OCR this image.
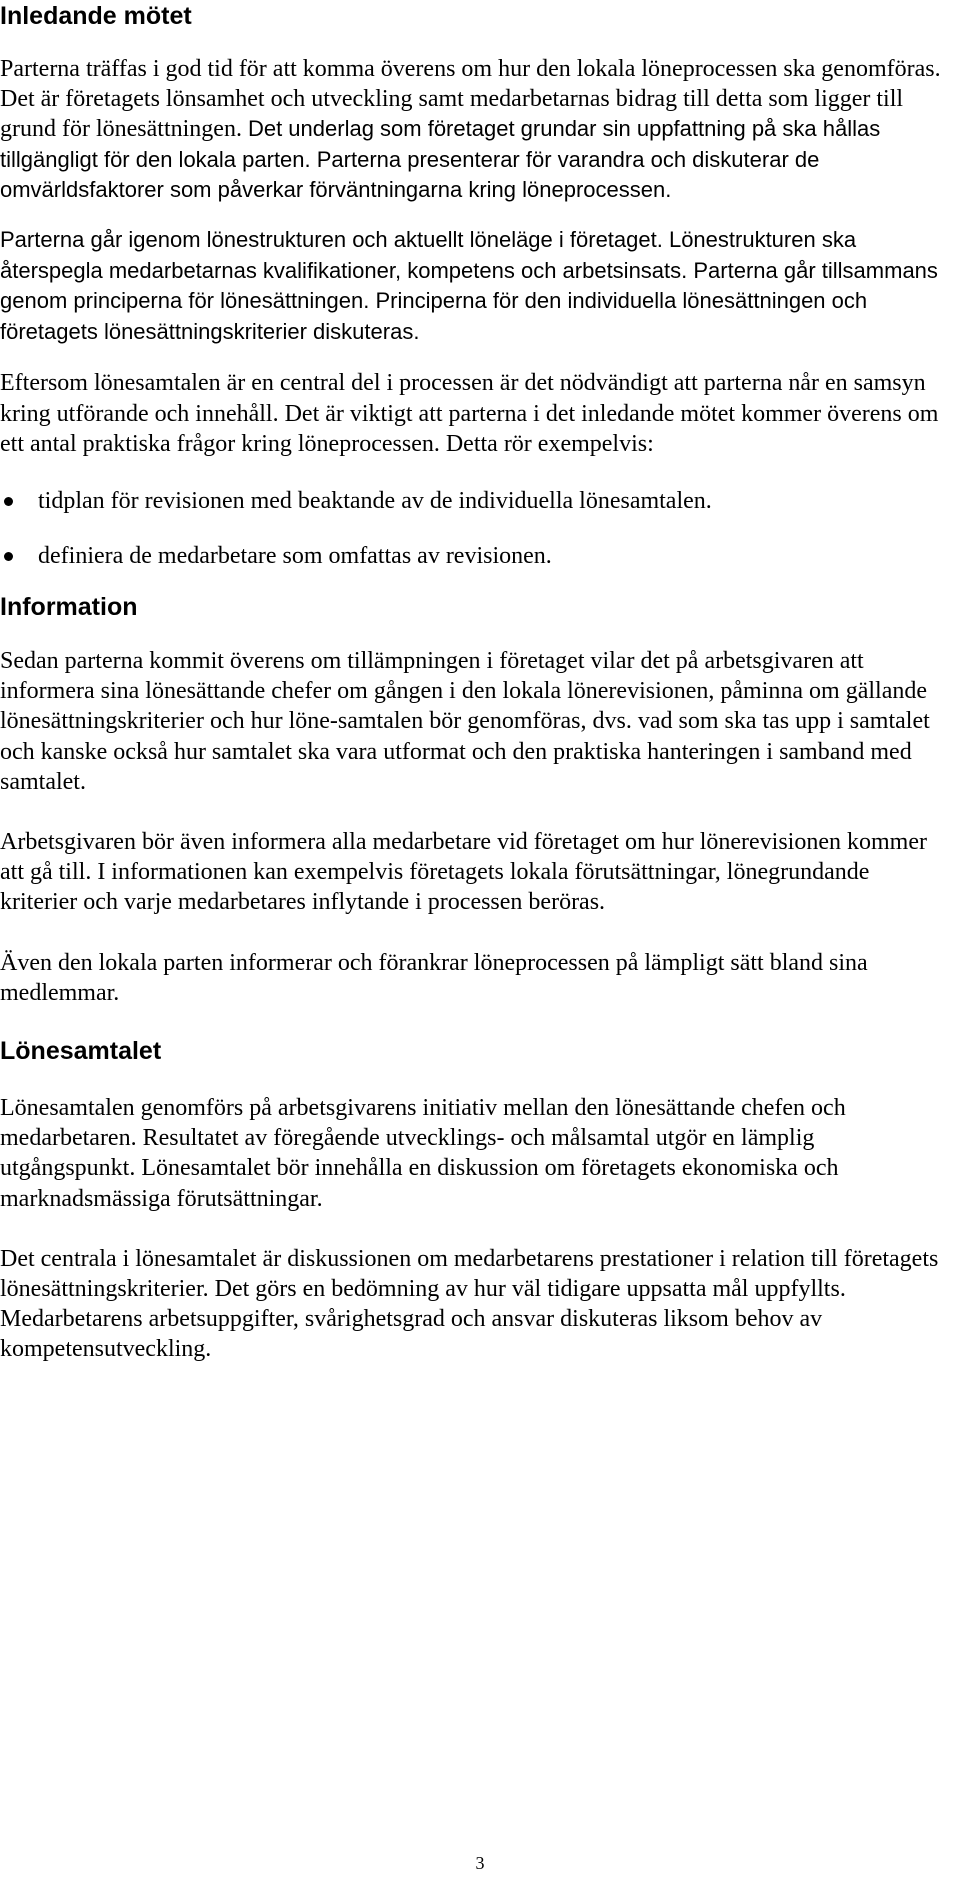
Inledande mötet

Parterna träffas i god tid för att komma överens om hur den lokala löneprocessen ska genomföras. Det är företagets lönsamhet och utveckling samt medarbetarnas bidrag till detta som ligger till grund för lönesättningen. Det underlag som företaget grundar sin uppfattning på ska hållas tillgängligt för den lokala parten. Parterna presenterar för varandra och diskuterar de omvärldsfaktorer som påverkar förväntningarna kring löneprocessen.

Parterna går igenom lönestrukturen och aktuellt löneläge i företaget. Lönestrukturen ska återspegla medarbetarnas kvalifikationer, kompetens och arbetsinsats. Parterna går tillsammans genom principerna för lönesättningen. Principerna för den individuella lönesättningen och företagets lönesättningskriterier diskuteras.

Eftersom lönesamtalen är en central del i processen är det nödvändigt att parterna når en samsyn kring utförande och innehåll. Det är viktigt att parterna i det inledande mötet kommer överens om ett antal praktiska frågor kring löneprocessen. Detta rör exempelvis:

tidplan för revisionen med beaktande av de individuella lönesamtalen.
definiera de medarbetare som omfattas av revisionen.
Information

Sedan parterna kommit överens om tillämpningen i företaget vilar det på arbetsgivaren att informera sina lönesättande chefer om gången i den lokala lönerevisionen, påminna om gällande lönesättningskriterier och hur löne-samtalen bör genomföras, dvs. vad som ska tas upp i samtalet och kanske också hur samtalet ska vara utformat och den praktiska hanteringen i samband med samtalet.

Arbetsgivaren bör även informera alla medarbetare vid företaget om hur lönerevisionen kommer att gå till. I informationen kan exempelvis företagets lokala förutsättningar, lönegrundande kriterier och varje medarbetares inflytande i processen beröras.

Även den lokala parten informerar och förankrar löneprocessen på lämpligt sätt bland sina medlemmar.

Lönesamtalet

Lönesamtalen genomförs på arbetsgivarens initiativ mellan den lönesättande chefen och medarbetaren. Resultatet av föregående utvecklings- och målsamtal utgör en lämplig utgångspunkt. Lönesamtalet bör innehålla en diskussion om företagets ekonomiska och marknadsmässiga förutsättningar.

Det centrala i lönesamtalet är diskussionen om medarbetarens prestationer i relation till företagets lönesättningskriterier. Det görs en bedömning av hur väl tidigare uppsatta mål uppfyllts. Medarbetarens arbetsuppgifter, svårighetsgrad och ansvar diskuteras liksom behov av kompetensutveckling.

3
